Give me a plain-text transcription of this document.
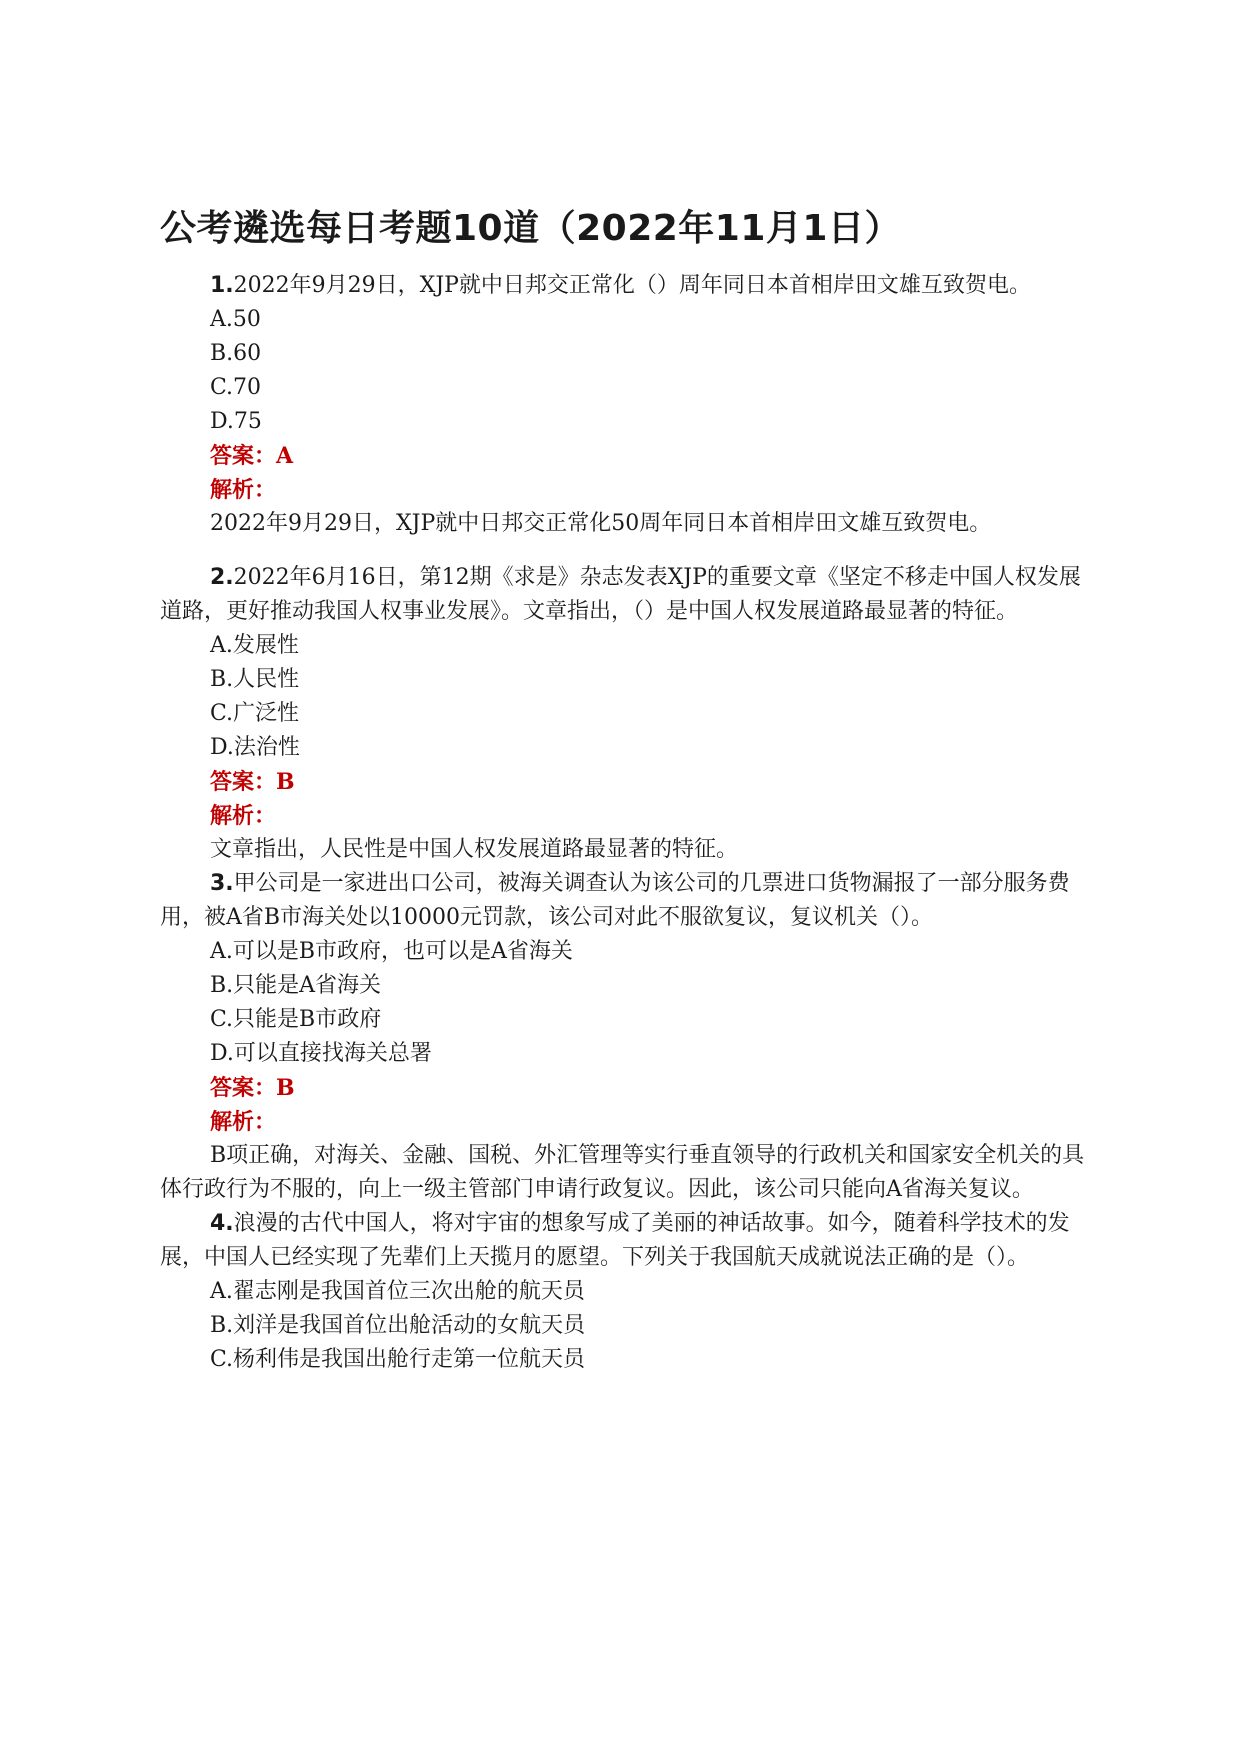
公考遴选每日考题10道（2022年11月1日）

1.2022年9月29日，XJP就中日邦交正常化（）周年同日本首相岸田文雄互致贺电。

A.50

B.60

C.70

D.75

答案：A

解析：

2022年9月29日，XJP就中日邦交正常化50周年同日本首相岸田文雄互致贺电。

2.2022年6月16日，第12期《求是》杂志发表XJP的重要文章《坚定不移走中国人权发展道路，更好推动我国人权事业发展》。文章指出，（）是中国人权发展道路最显著的特征。

A.发展性

B.人民性

C.广泛性

D.法治性

答案：B

解析：

文章指出，人民性是中国人权发展道路最显著的特征。

3.甲公司是一家进出口公司，被海关调查认为该公司的几票进口货物漏报了一部分服务费用，被A省B市海关处以10000元罚款，该公司对此不服欲复议，复议机关（）。

A.可以是B市政府，也可以是A省海关

B.只能是A省海关

C.只能是B市政府

D.可以直接找海关总署

答案：B

解析：

B项正确，对海关、金融、国税、外汇管理等实行垂直领导的行政机关和国家安全机关的具体行政行为不服的，向上一级主管部门申请行政复议。因此，该公司只能向A省海关复议。

4.浪漫的古代中国人，将对宇宙的想象写成了美丽的神话故事。如今，随着科学技术的发展，中国人已经实现了先辈们上天揽月的愿望。下列关于我国航天成就说法正确的是（）。

A.翟志刚是我国首位三次出舱的航天员

B.刘洋是我国首位出舱活动的女航天员

C.杨利伟是我国出舱行走第一位航天员
